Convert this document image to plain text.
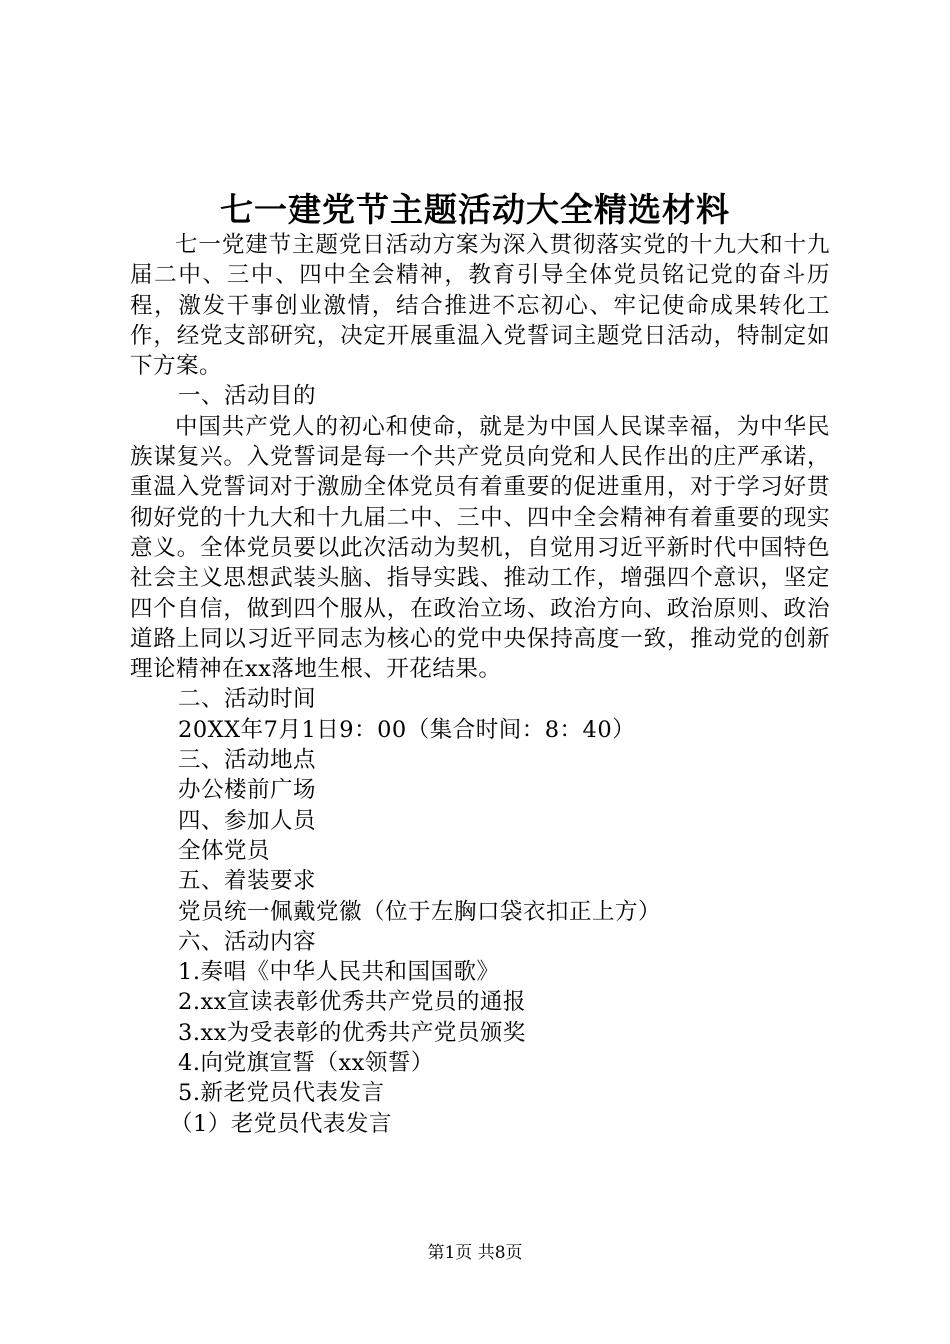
七一建党节主题活动大全精选材料

七一党建节主题党日活动方案为深入贯彻落实党的十九大和十九届二中、三中、四中全会精神，教育引导全体党员铭记党的奋斗历程，激发干事创业激情，结合推进不忘初心、牢记使命成果转化工作，经党支部研究，决定开展重温入党誓词主题党日活动，特制定如下方案。

一、活动目的

中国共产党人的初心和使命，就是为中国人民谋幸福，为中华民族谋复兴。入党誓词是每一个共产党员向党和人民作出的庄严承诺，重温入党誓词对于激励全体党员有着重要的促进重用，对于学习好贯彻好党的十九大和十九届二中、三中、四中全会精神有着重要的现实意义。全体党员要以此次活动为契机，自觉用习近平新时代中国特色社会主义思想武装头脑、指导实践、推动工作，增强四个意识，坚定四个自信，做到四个服从，在政治立场、政治方向、政治原则、政治道路上同以习近平同志为核心的党中央保持高度一致，推动党的创新理论精神在xx落地生根、开花结果。

二、活动时间

20XX年7月1日9：00（集合时间：8：40）

三、活动地点

办公楼前广场

四、参加人员

全体党员

五、着装要求

党员统一佩戴党徽（位于左胸口袋衣扣正上方）

六、活动内容

1.奏唱《中华人民共和国国歌》

2.xx宣读表彰优秀共产党员的通报

3.xx为受表彰的优秀共产党员颁奖

4.向党旗宣誓（xx领誓）

5.新老党员代表发言

（1）老党员代表发言

第1页 共8页
